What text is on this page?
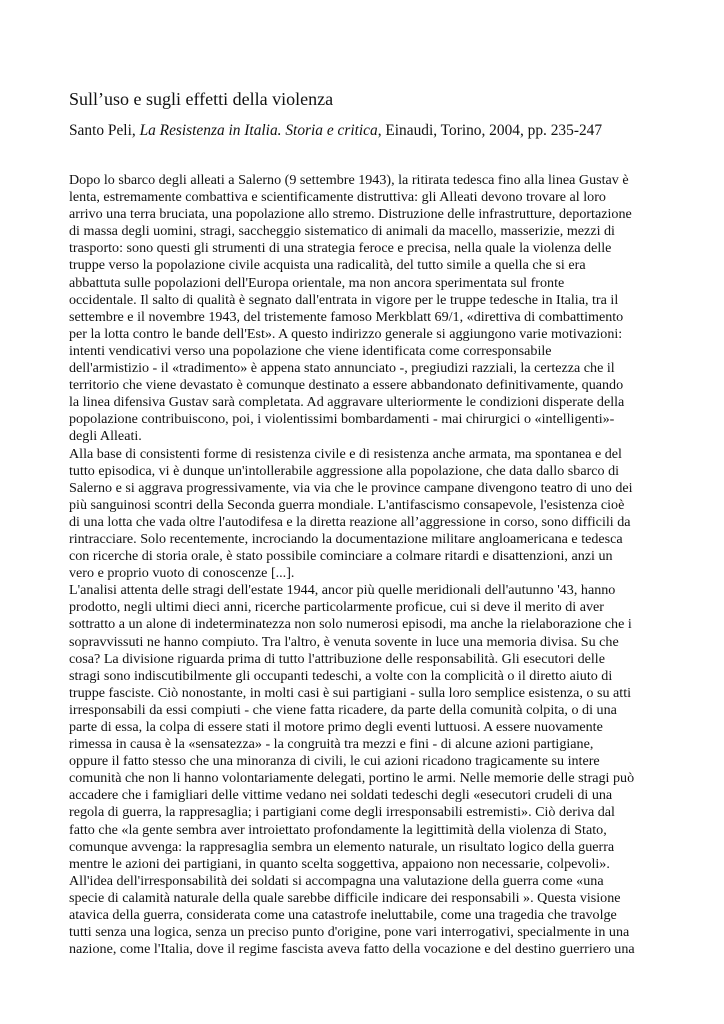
Sull’uso e sugli effetti della violenza

Santo Peli, La Resistenza in Italia. Storia e critica, Einaudi, Torino, 2004, pp. 235-247

Dopo lo sbarco degli alleati a Salerno (9 settembre 1943), la ritirata tedesca fino alla linea Gustav è
lenta, estremamente combattiva e scientificamente distruttiva: gli Alleati devono trovare al loro
arrivo una terra bruciata, una popolazione allo stremo. Distruzione delle infrastrutture, deportazione
di massa degli uomini, stragi, saccheggio sistematico di animali da macello, masserizie, mezzi di
trasporto: sono questi gli strumenti di una strategia feroce e precisa, nella quale la violenza delle
truppe verso la popolazione civile acquista una radicalità, del tutto simile a quella che si era
abbattuta sulle popolazioni dell'Europa orientale, ma non ancora sperimentata sul fronte
occidentale. Il salto di qualità è segnato dall'entrata in vigore per le truppe tedesche in Italia, tra il
settembre e il novembre 1943, del tristemente famoso Merkblatt 69/1, «direttiva di combattimento
per la lotta contro le bande dell'Est». A questo indirizzo generale si aggiungono varie motivazioni:
intenti vendicativi verso una popolazione che viene identificata come corresponsabile
dell'armistizio - il «tradimento» è appena stato annunciato -, pregiudizi razziali, la certezza che il
territorio che viene devastato è comunque destinato a essere abbandonato definitivamente, quando
la linea difensiva Gustav sarà completata. Ad aggravare ulteriormente le condizioni disperate della
popolazione contribuiscono, poi, i violentissimi bombardamenti - mai chirurgici o «intelligenti»-
degli Alleati.
Alla base di consistenti forme di resistenza civile e di resistenza anche armata, ma spontanea e del
tutto episodica, vi è dunque un'intollerabile aggressione alla popolazione, che data dallo sbarco di
Salerno e si aggrava progressivamente, via via che le province campane divengono teatro di uno dei
più sanguinosi scontri della Seconda guerra mondiale. L'antifascismo consapevole, l'esistenza cioè
di una lotta che vada oltre l'autodifesa e la diretta reazione all’aggressione in corso, sono difficili da
rintracciare. Solo recentemente, incrociando la documentazione militare angloamericana e tedesca
con ricerche di storia orale, è stato possibile cominciare a colmare ritardi e disattenzioni, anzi un
vero e proprio vuoto di conoscenze [...].
L'analisi attenta delle stragi dell'estate 1944, ancor più quelle meridionali dell'autunno '43, hanno
prodotto, negli ultimi dieci anni, ricerche particolarmente proficue, cui si deve il merito di aver
sottratto a un alone di indeterminatezza non solo numerosi episodi, ma anche la rielaborazione che i
sopravvissuti ne hanno compiuto. Tra l'altro, è venuta sovente in luce una memoria divisa. Su che
cosa? La divisione riguarda prima di tutto l'attribuzione delle responsabilità. Gli esecutori delle
stragi sono indiscutibilmente gli occupanti tedeschi, a volte con la complicità o il diretto aiuto di
truppe fasciste. Ciò nonostante, in molti casi è sui partigiani - sulla loro semplice esistenza, o su atti
irresponsabili da essi compiuti - che viene fatta ricadere, da parte della comunità colpita, o di una
parte di essa, la colpa di essere stati il motore primo degli eventi luttuosi. A essere nuovamente
rimessa in causa è la «sensatezza» - la congruità tra mezzi e fini - di alcune azioni partigiane,
oppure il fatto stesso che una minoranza di civili, le cui azioni ricadono tragicamente su intere
comunità che non li hanno volontariamente delegati, portino le armi. Nelle memorie delle stragi può
accadere che i famigliari delle vittime vedano nei soldati tedeschi degli «esecutori crudeli di una
regola di guerra, la rappresaglia; i partigiani come degli irresponsabili estremisti». Ciò deriva dal
fatto che «la gente sembra aver introiettato profondamente la legittimità della violenza di Stato,
comunque avvenga: la rappresaglia sembra un elemento naturale, un risultato logico della guerra
mentre le azioni dei partigiani, in quanto scelta soggettiva, appaiono non necessarie, colpevoli».
All'idea dell'irresponsabilità dei soldati si accompagna una valutazione della guerra come «una
specie di calamità naturale della quale sarebbe difficile indicare dei responsabili ». Questa visione
atavica della guerra, considerata come una catastrofe ineluttabile, come una tragedia che travolge
tutti senza una logica, senza un preciso punto d'origine, pone vari interrogativi, specialmente in una
nazione, come l'Italia, dove il regime fascista aveva fatto della vocazione e del destino guerriero una
